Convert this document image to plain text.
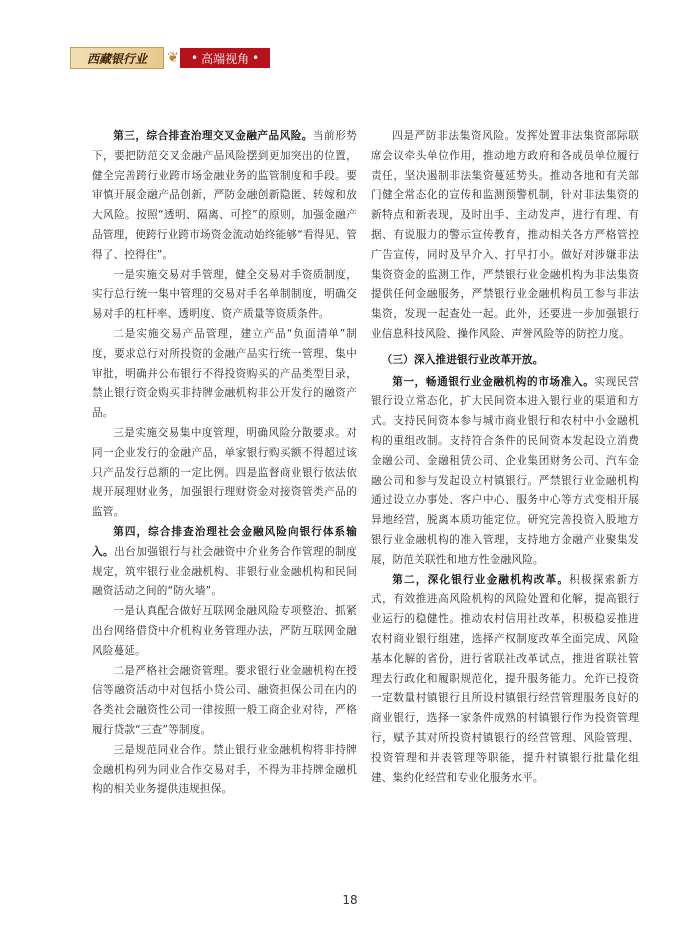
西藏银行业 ❦ • 高端视角 •

第三，综合排查治理交叉金融产品风险。当前形势下，要把防范交叉金融产品风险摆到更加突出的位置，健全完善跨行业跨市场金融业务的监管制度和手段。要审慎开展金融产品创新，严防金融创新隐匿、转嫁和放大风险。按照“透明、隔离、可控”的原则，加强金融产品管理，使跨行业跨市场资金流动始终能够“看得见、管得了、控得住”。

一是实施交易对手管理，健全交易对手资质制度，实行总行统一集中管理的交易对手名单制制度，明确交易对手的杠杆率、透明度、资产质量等资质条件。

二是实施交易产品管理，建立产品“负面清单”制度，要求总行对所投资的金融产品实行统一管理、集中审批，明确并公布银行不得投资购买的产品类型目录，禁止银行资金购买非持牌金融机构非公开发行的融资产品。

三是实施交易集中度管理，明确风险分散要求。对同一企业发行的金融产品，单家银行购买额不得超过该只产品发行总额的一定比例。四是监督商业银行依法依规开展理财业务，加强银行理财资金对接资管类产品的监管。

第四，综合排查治理社会金融风险向银行体系输入。出台加强银行与社会融资中介业务合作管理的制度规定，筑牢银行业金融机构、非银行业金融机构和民间融资活动之间的“防火墙”。

一是认真配合做好互联网金融风险专项整治、抓紧出台网络借贷中介机构业务管理办法，严防互联网金融风险蔓延。

二是严格社会融资管理。要求银行业金融机构在授信等融资活动中对包括小贷公司、融资担保公司在内的各类社会融资性公司一律按照一般工商企业对待，严格履行贷款“三查”等制度。

三是规范同业合作。禁止银行业金融机构将非持牌金融机构列为同业合作交易对手，不得为非持牌金融机构的相关业务提供违规担保。

四是严防非法集资风险。发挥处置非法集资部际联席会议牵头单位作用，推动地方政府和各成员单位履行责任，坚决遏制非法集资蔓延势头。推动各地和有关部门健全常态化的宣传和监测预警机制，针对非法集资的新特点和新表现，及时出手、主动发声，进行有理、有据、有说服力的警示宣传教育，推动相关各方严格管控广告宣传，同时及早介入、打早打小。做好对涉嫌非法集资资金的监测工作，严禁银行业金融机构为非法集资提供任何金融服务，严禁银行业金融机构员工参与非法集资，发现一起查处一起。此外，还要进一步加强银行业信息科技风险、操作风险、声誉风险等的防控力度。

（三）深入推进银行业改革开放。

第一，畅通银行业金融机构的市场准入。实现民营银行设立常态化，扩大民间资本进入银行业的渠道和方式。支持民间资本参与城市商业银行和农村中小金融机构的重组改制。支持符合条件的民间资本发起设立消费金融公司、金融租赁公司、企业集团财务公司、汽车金融公司和参与发起设立村镇银行。严禁银行业金融机构通过设立办事处、客户中心、服务中心等方式变相开展异地经营，脱离本质功能定位。研究完善投资入股地方银行业金融机构的准入管理，支持地方金融产业聚集发展，防范关联性和地方性金融风险。

第二，深化银行业金融机构改革。积极探索新方式，有效推进高风险机构的风险处置和化解，提高银行业运行的稳健性。推动农村信用社改革，积极稳妥推进农村商业银行组建，选择产权制度改革全面完成、风险基本化解的省份，进行省联社改革试点，推进省联社管理去行政化和履职规范化，提升服务能力。允许已投资一定数量村镇银行且所设村镇银行经营管理服务良好的商业银行，选择一家条件成熟的村镇银行作为投资管理行，赋予其对所投资村镇银行的经营管理、风险管理、投资管理和并表管理等职能，提升村镇银行批量化组建、集约化经营和专业化服务水平。

18
